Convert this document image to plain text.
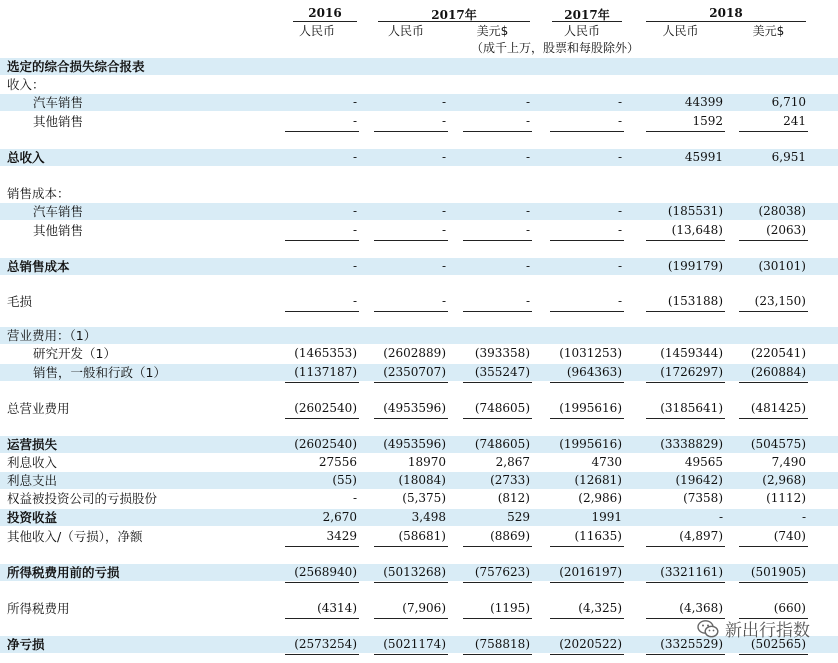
2016	2017年	2017年	2018
人民币	人民币	美元$	人民币	人民币	美元$
（成千上万，股票和每股除外）
选定的综合损失综合报表
收入：
汽车销售	-	-	-	-	44399	6,710
其他销售	-	-	-	-	1592	241
总收入	-	-	-	-	45991	6,951
销售成本：
汽车销售	-	-	-	-	(185531)	(28038)
其他销售	-	-	-	-	(13,648)	(2063)
总销售成本	-	-	-	-	(199179)	(30101)
毛损	-	-	-	-	(153188)	(23,150)
营业费用：（1）
研究开发（1）	(1465353)	(2602889)	(393358)	(1031253)	(1459344)	(220541)
销售，一般和行政（1）	(1137187)	(2350707)	(355247)	(964363)	(1726297)	(260884)
总营业费用	(2602540)	(4953596)	(748605)	(1995616)	(3185641)	(481425)
运营损失	(2602540)	(4953596)	(748605)	(1995616)	(3338829)	(504575)
利息收入	27556	18970	2,867	4730	49565	7,490
利息支出	(55)	(18084)	(2733)	(12681)	(19642)	(2,968)
权益被投资公司的亏损股份	-	(5,375)	(812)	(2,986)	(7358)	(1112)
投资收益	2,670	3,498	529	1991	-	-
其他收入/（亏损），净额	3429	(58681)	(8869)	(11635)	(4,897)	(740)
所得税费用前的亏损	(2568940)	(5013268)	(757623)	(2016197)	(3321161)	(501905)
所得税费用	(4314)	(7,906)	(1195)	(4,325)	(4,368)	(660)
净亏损	(2573254)	(5021174)	(758818)	(2020522)	(3325529)	(502565)
新出行指数
